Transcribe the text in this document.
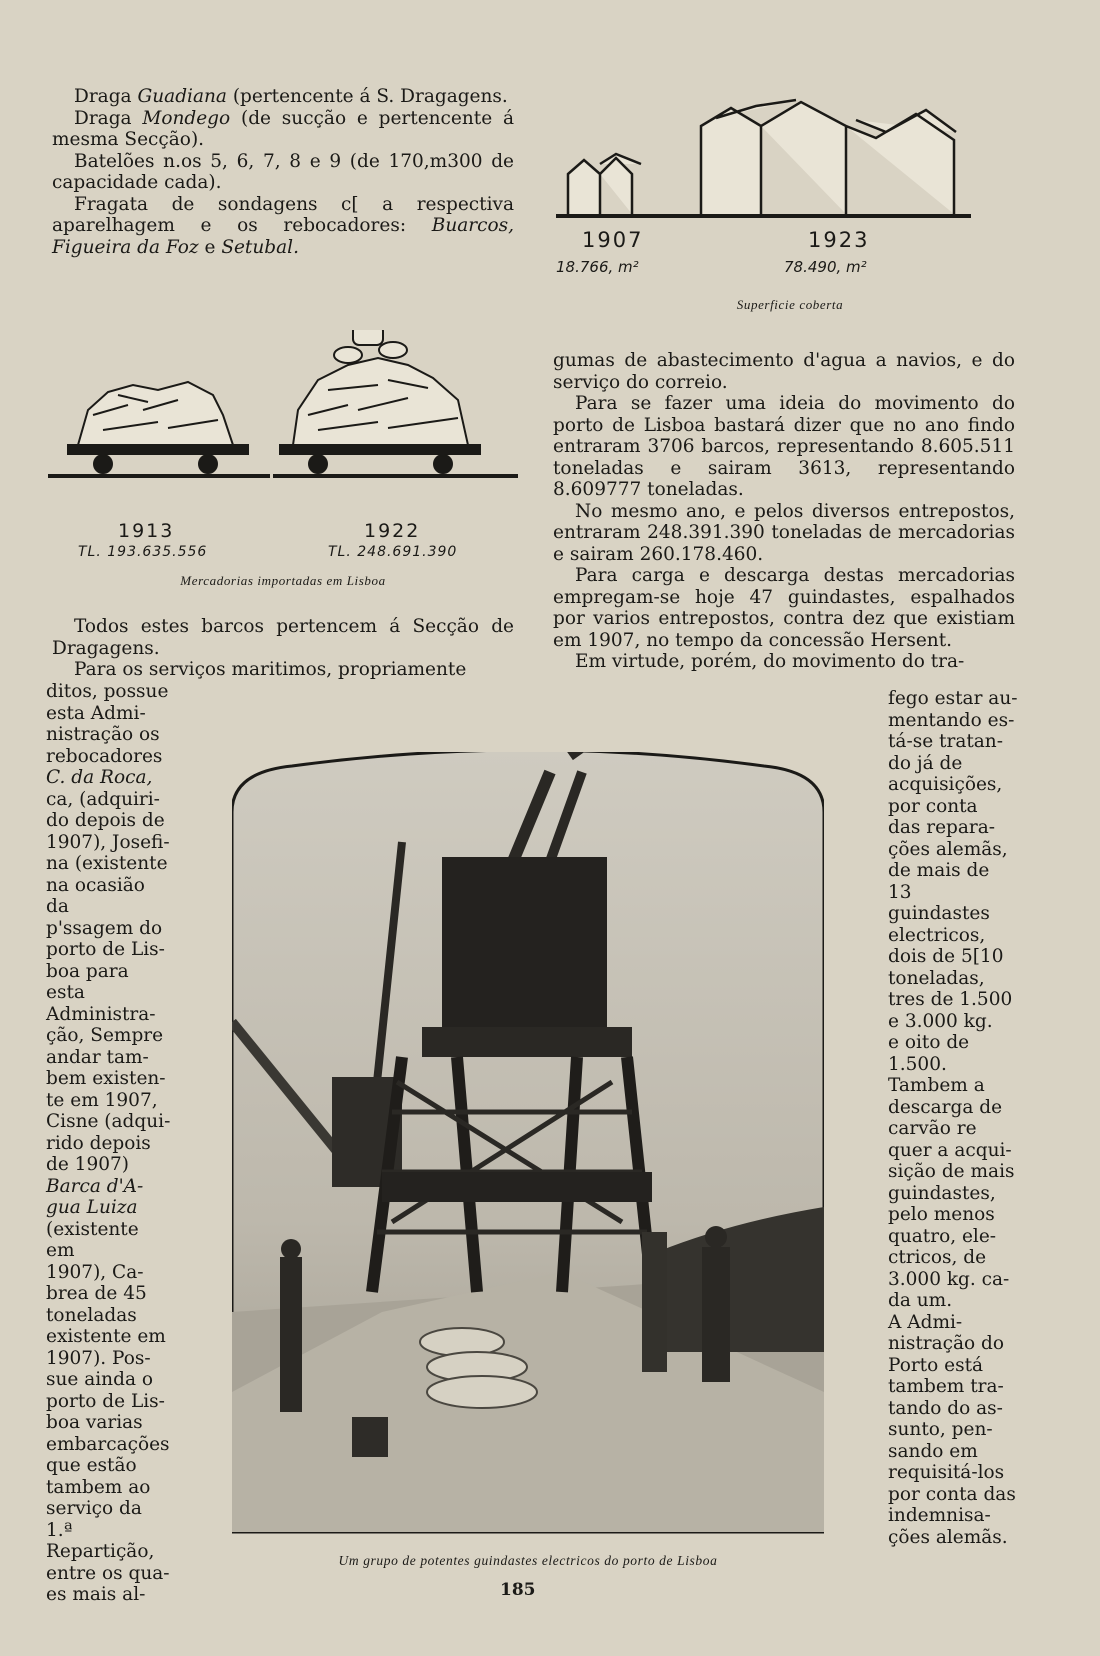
Draga Guadiana (pertencente á S. Dragagens.

Draga Mondego (de sucção e pertencente á mesma Secção).

Batelões n.os 5, 6, 7, 8 e 9 (de 170,m300 de capacidade cada).

Fragata de sondagens c[ a respectiva aparelhagem e os rebocadores: Buarcos, Figueira da Foz e Setubal.

1913
TL. 193.635.556
1922
TL. 248.691.390
Mercadorias importadas em Lisboa
1907
18.766, m²
1923
78.490, m²
Superficie coberta

Todos estes barcos pertencem á Secção de Dragagens.

Para os serviços maritimos, propriamente

ditos, possue

esta Admi-

nistração os

rebocadores

C. da Roca,

ca, (adquiri-

do depois de

1907), Josefi-

na (existente

na ocasião da

p'ssagem do

porto de Lis-

boa para esta

Administra-

ção, Sempre

andar tam-

bem existen-

te em 1907,

Cisne (adqui-

rido depois

de 1907)

Barca d'A-

gua Luiza

(existente em

1907), Ca-

brea de 45

toneladas

existente em

1907). Pos-

sue ainda o

porto de Lis-

boa varias

embarcações

que estão

tambem ao

serviço da 1.ª

Repartição,

entre os qua-

es mais al-

gumas de abastecimento d'agua a navios, e do serviço do correio.

Para se fazer uma ideia do movimento do porto de Lisboa bastará dizer que no ano findo entraram 3706 barcos, representando 8.605.511 toneladas e sairam 3613, representando 8.609777 toneladas.

No mesmo ano, e pelos diversos entrepostos, entraram 248.391.390 toneladas de mercadorias e sairam 260.178.460.

Para carga e descarga destas mercadorias empregam-se hoje 47 guindastes, espalhados por varios entrepostos, contra dez que existiam em 1907, no tempo da concessão Hersent.

Em virtude, porém, do movimento do tra-

fego estar au-

mentando es-

tá-se tratan-

do já de

acquisições,

por conta

das repara-

ções alemãs,

de mais de

13 guindastes

electricos,

dois de 5[10

toneladas,

tres de 1.500

e 3.000 kg.

e oito de

1.500.

Tambem a

descarga de

carvão re

quer a acqui-

sição de mais

guindastes,

pelo menos

quatro, ele-

ctricos, de

3.000 kg. ca-

da um.

A Admi-

nistração do

Porto está

tambem tra-

tando do as-

sunto, pen-

sando em

requisitá-los

por conta das

indemnisa-

ções alemãs.

Um grupo de potentes guindastes electricos do porto de Lisboa
185
